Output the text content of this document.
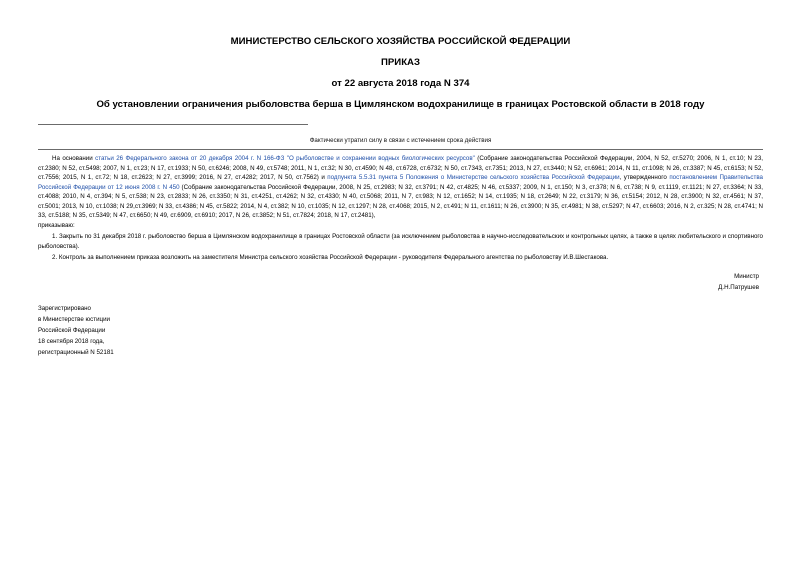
МИНИСТЕРСТВО СЕЛЬСКОГО ХОЗЯЙСТВА РОССИЙСКОЙ ФЕДЕРАЦИИ
ПРИКАЗ
от 22 августа 2018 года N 374
Об установлении ограничения рыболовства берша в Цимлянском водохранилище в границах Ростовской области в 2018 году
Фактически утратил силу в связи с истечением срока действия

На основании статьи 26 Федерального закона от 20 декабря 2004 г. N 166-ФЗ "О рыболовстве и сохранении водных биологических ресурсов" (Собрание законодательства Российской Федерации, 2004, N 52, ст.5270; 2006, N 1, ст.10; N 23, ст.2380; N 52, ст.5498; 2007, N 1, ст.23; N 17, ст.1933; N 50, ст.6246; 2008, N 49, ст.5748; 2011, N 1, ст.32; N 30, ст.4590; N 48, ст.6728, ст.6732; N 50, ст.7343, ст.7351; 2013, N 27, ст.3440; N 52, ст.6961; 2014, N 11, ст.1098; N 26, ст.3387; N 45, ст.6153; N 52, ст.7556; 2015, N 1, ст.72; N 18, ст.2623; N 27, ст.3999; 2016, N 27, ст.4282; 2017, N 50, ст.7562) и подпункта 5.5.31 пункта 5 Положения о Министерстве сельского хозяйства Российской Федерации, утвержденного постановлением Правительства Российской Федерации от 12 июня 2008 г. N 450 (Собрание законодательства Российской Федерации, 2008, N 25, ст.2983; N 32, ст.3791; N 42, ст.4825; N 46, ст.5337; 2009, N 1, ст.150; N 3, ст.378; N 6, ст.738; N 9, ст.1119, ст.1121; N 27, ст.3364; N 33, ст.4088; 2010, N 4, ст.394; N 5, ст.538; N 23, ст.2833; N 26, ст.3350; N 31, ст.4251, ст.4262; N 32, ст.4330; N 40, ст.5068; 2011, N 7, ст.983; N 12, ст.1652; N 14, ст.1935; N 18, ст.2649; N 22, ст.3179; N 36, ст.5154; 2012, N 28, ст.3900; N 32, ст.4561; N 37, ст.5001; 2013, N 10, ст.1038; N 29,ст.3969; N 33, ст.4386; N 45, ст.5822; 2014, N 4, ст.382; N 10, ст.1035; N 12, ст.1297; N 28, ст.4068; 2015, N 2, ст.491; N 11, ст.1611; N 26, ст.3900; N 35, ст.4981; N 38, ст.5297; N 47, ст.6603; 2016, N 2, ст.325; N 28, ст.4741; N 33, ст.5188; N 35, ст.5349; N 47, ст.6650; N 49, ст.6909, ст.6910; 2017, N 26, ст.3852; N 51, ст.7824; 2018, N 17, ст.2481),

приказываю:

1. Закрыть по 31 декабря 2018 г. рыболовство берша в Цимлянском водохранилище в границах Ростовской области (за исключением рыболовства в научно-исследовательских и контрольных целях, а также в целях любительского и спортивного рыболовства).

2. Контроль за выполнением приказа возложить на заместителя Министра сельского хозяйства Российской Федерации - руководителя Федерального агентства по рыболовству И.В.Шестакова.

Министр
Д.Н.Патрушев
Зарегистрировано
в Министерстве юстиции
Российской Федерации
18 сентября 2018 года,
регистрационный N 52181
